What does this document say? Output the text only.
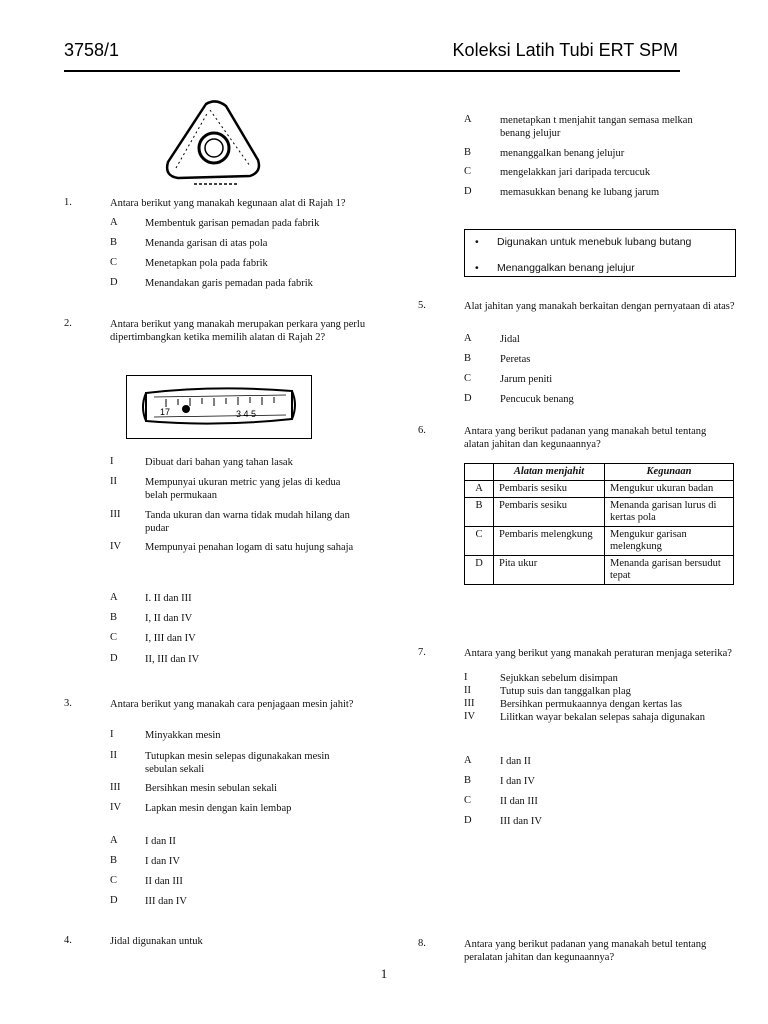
3758/1	Koleksi Latih Tubi ERT SPM
1.	Antara berikut yang manakah kegunaan alat di Rajah 1?
A	Membentuk garisan pemadan pada fabrik
B	Menanda garisan di atas pola
C	Menetapkan pola pada fabrik
D	Menandakan garis pemadan pada fabrik
2.	Antara berikut yang manakah merupakan perkara yang perlu dipertimbangkan ketika memilih alatan di Rajah 2?
17	3 4 5
I	Dibuat dari bahan yang tahan lasak
II	Mempunyai ukuran metric yang jelas di kedua belah permukaan
III Tanda ukuran dan warna tidak mudah hilang dan pudar
IV Mempunyai penahan logam di satu hujung sahaja
A	I. II dan III
B	I, II dan IV
C	I, III dan IV
D	II, III dan IV
3.	Antara berikut yang manakah cara penjagaan mesin jahit?
I	Minyakkan mesin
II	Tutupkan mesin selepas digunakakan mesin sebulan sekali
III Bersihkan mesin sebulan sekali
IV Lapkan mesin dengan kain lembap
A	I dan II
B	I dan IV
C	II dan III
D	III dan IV
4.	Jidal digunakan untuk
A	menetapkan t menjahit tangan semasa melkan benang jelujur
B	menanggalkan benang jelujur
C	mengelakkan jari daripada tercucuk
D	memasukkan benang ke lubang jarum
• Digunakan untuk menebuk lubang butang
• Menanggalkan benang jelujur
5.	Alat jahitan yang manakah berkaitan dengan pernyataan di atas?
A	Jidal
B	Peretas
C	Jarum peniti
D	Pencucuk benang
6.	Antara yang berikut padanan yang manakah betul tentang alatan jahitan dan kegunaannya?
	Alatan menjahit	Kegunaan
A	Pembaris sesiku	Mengukur ukuran badan
B	Pembaris sesiku	Menanda garisan lurus di kertas pola
C	Pembaris melengkung	Mengukur garisan melengkung
D	Pita ukur	Menanda garisan bersudut tepat
7.	Antara yang berikut yang manakah peraturan menjaga seterika?
I	Sejukkan sebelum disimpan
II	Tutup suis dan tanggalkan plag
III Bersihkan permukaannya dengan kertas las
IV Lilitkan wayar bekalan selepas sahaja digunakan
A	I dan II
B	I dan IV
C	II dan III
D	III dan IV
8.	Antara yang berikut padanan yang manakah betul tentang peralatan jahitan dan kegunaannya?
1
